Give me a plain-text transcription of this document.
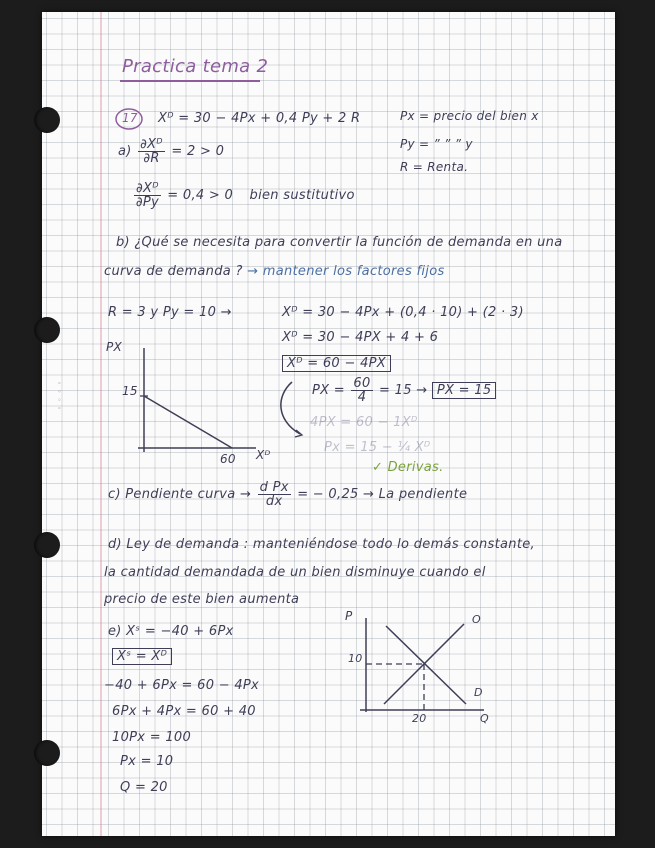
Practica tema 2
17 Xᴰ = 30 − 4Px + 0,4 Py + 2 R	Px = precio del bien x
Py = ” ” ” y
R = Renta.
$a) \frac{\text{∂Xᴰ}}{\partial R} = 2 > 0$
$\frac{\text{∂Xᴰ}}{\partial Py} = 0,4 > 0$ bien sustitutivo
b) ¿Qué se necesita para convertir la función de demanda en una
curva de demanda ? → mantener los factores fijos
R = 3 y Py = 10 →	Xᴰ = 30 − 4Px + (0,4 · 10) + (2 · 3)
Xᴰ = 30 − 4PX + 4 + 6
Xᴰ = 60 − 4PX
PX = $\frac{60}{4} = 15$ → PX = 15
4PX = 60 − 1Xᴰ
Px = 15 − ¼ Xᴰ
PX
15
60 Xᴰ
✓ Derivas.
c) Pendiente curva → $\frac{\text{d Px}}{dx}$ = − 0,25 → La pendiente
d) Ley de demanda : manteniéndose todo lo demás constante,
la cantidad demandada de un bien disminuye cuando el
precio de este bien aumenta
e) Xˢ = −40 + 6Px
Xˢ = Xᴰ
−40 + 6Px = 60 − 4Px
6Px + 4Px = 60 + 40
10Px = 100
Px = 10
Q = 20
P	O
10
D
20	Q
◦ ◦ ◦ ◦
